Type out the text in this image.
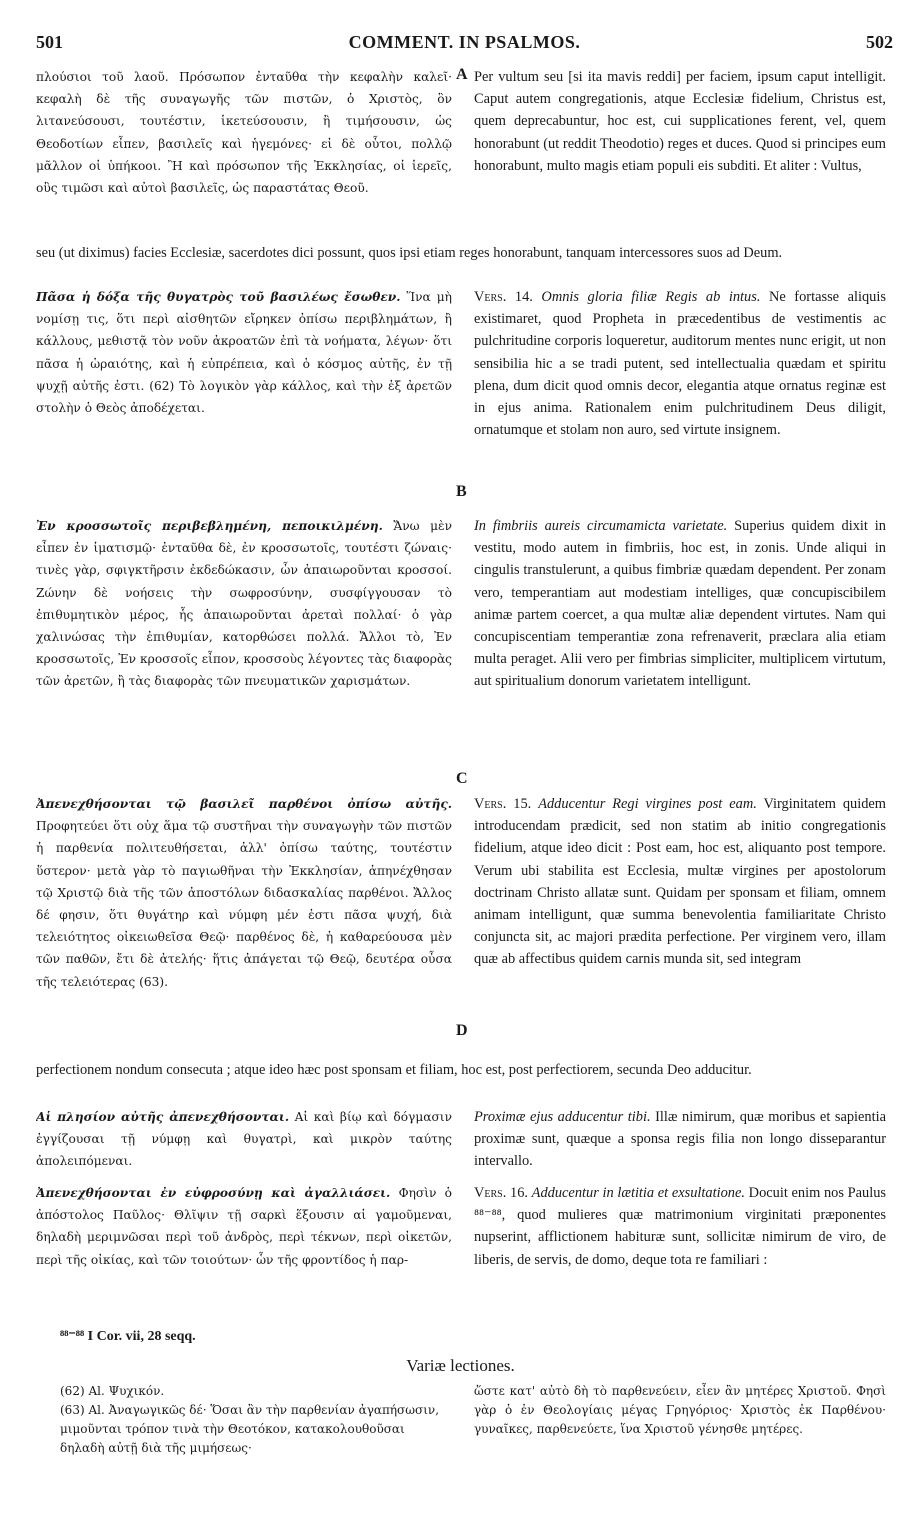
501	COMMENT. IN PSALMOS.	502
A
B
C
D
πλούσιοι τοῦ λαοῦ. Πρόσωπον ἐνταῦθα τὴν κεφαλὴν καλεῖ· κεφαλὴ δὲ τῆς συναγωγῆς τῶν πιστῶν, ὁ Χριστὸς, ὃν λιτανεύσουσι, τουτέστιν, ἱκετεύσουσιν, ἢ τιμήσουσιν, ὡς Θεοδοτίων εἶπεν, βασιλεῖς καὶ ἡγεμόνες· εἰ δὲ οὗτοι, πολλῷ μᾶλλον οἱ ὑπήκοοι. Ἢ καὶ πρόσωπον τῆς Ἐκκλησίας, οἱ ἱερεῖς, οὓς τιμῶσι καὶ αὐτοὶ βασιλεῖς, ὡς παραστάτας Θεοῦ.
Per vultum seu [si ita mavis reddi] per faciem, ipsum caput intelligit. Caput autem congregationis, atque Ecclesiæ fidelium, Christus est, quem deprecabuntur, hoc est, cui supplicationes ferent, vel, quem honorabunt (ut reddit Theodotio) reges et duces. Quod si principes eum honorabunt, multo magis etiam populi eis subditi. Et aliter : Vultus,
seu (ut diximus) facies Ecclesiæ, sacerdotes dici possunt, quos ipsi etiam reges honorabunt, tanquam intercessores suos ad Deum.
Πᾶσα ἡ δόξα τῆς θυγατρὸς τοῦ βασιλέως ἔσωθεν. Ἵνα μὴ νομίσῃ τις, ὅτι περὶ αἰσθητῶν εἴρηκεν ὀπίσω περιβλημάτων, ἢ κάλλους, μεθιστᾷ τὸν νοῦν ἀκροατῶν ἐπὶ τὰ νοήματα, λέγων· ὅτι πᾶσα ἡ ὡραιότης, καὶ ἡ εὐπρέπεια, καὶ ὁ κόσμος αὐτῆς, ἐν τῇ ψυχῇ αὐτῆς ἐστι. (62) Τὸ λογικὸν γὰρ κάλλος, καὶ τὴν ἐξ ἀρετῶν στολὴν ὁ Θεὸς ἀποδέχεται.
Vers. 14. Omnis gloria filiæ Regis ab intus. Ne fortasse aliquis existimaret, quod Propheta in præcedentibus de vestimentis ac pulchritudine corporis loqueretur, auditorum mentes nunc erigit, ut non sensibilia hic a se tradi putent, sed intellectualia quædam et spiritu plena, dum dicit quod omnis decor, elegantia atque ornatus reginæ est in ejus anima. Rationalem enim pulchritudinem Deus diligit, ornatumque et stolam non auro, sed virtute insignem.
Ἐν κροσσωτοῖς περιβεβλημένη, πεποικιλμένη. Ἄνω μὲν εἶπεν ἐν ἱματισμῷ· ἐνταῦθα δὲ, ἐν κροσσωτοῖς, τουτέστι ζώναις· τινὲς γὰρ, σφιγκτῆρσιν ἐκδεδώκασιν, ὧν ἀπαιωροῦνται κροσσοί. Ζώνην δὲ νοήσεις τὴν σωφροσύνην, συσφίγγουσαν τὸ ἐπιθυμητικὸν μέρος, ἧς ἀπαιωροῦνται ἀρεταὶ πολλαί· ὁ γὰρ χαλινώσας τὴν ἐπιθυμίαν, κατορθώσει πολλά. Ἄλλοι τὸ, Ἐν κροσσωτοῖς, Ἐν κροσσοῖς εἶπον, κροσσοὺς λέγοντες τὰς διαφορὰς τῶν ἀρετῶν, ἢ τὰς διαφορὰς τῶν πνευματικῶν χαρισμάτων.
In fimbriis aureis circumamicta varietate. Superius quidem dixit in vestitu, modo autem in fimbriis, hoc est, in zonis. Unde aliqui in cingulis transtulerunt, a quibus fimbriæ quædam dependent. Per zonam vero, temperantiam aut modestiam intelliges, quæ concupiscibilem animæ partem coercet, a qua multæ aliæ dependent virtutes. Nam qui concupiscentiam temperantiæ zona refrenaverit, præclara alia etiam multa peraget. Alii vero per fimbrias simpliciter, multiplicem virtutum, aut spiritualium donorum varietatem intelligunt.
Ἀπενεχθήσονται τῷ βασιλεῖ παρθένοι ὀπίσω αὐτῆς. Προφητεύει ὅτι οὐχ ἅμα τῷ συστῆναι τὴν συναγωγὴν τῶν πιστῶν ἡ παρθενία πολιτευθήσεται, ἀλλ' ὀπίσω ταύτης, τουτέστιν ὕστερον· μετὰ γὰρ τὸ παγιωθῆναι τὴν Ἐκκλησίαν, ἀπηνέχθησαν τῷ Χριστῷ διὰ τῆς τῶν ἀποστόλων διδασκαλίας παρθένοι. Ἄλλος δέ φησιν, ὅτι θυγάτηρ καὶ νύμφη μέν ἐστι πᾶσα ψυχή, διὰ τελειότητος οἰκειωθεῖσα Θεῷ· παρθένος δὲ, ἡ καθαρεύουσα μὲν τῶν παθῶν, ἔτι δὲ ἀτελής· ἥτις ἀπάγεται τῷ Θεῷ, δευτέρα οὖσα τῆς τελειότερας (63).
Vers. 15. Adducentur Regi virgines post eam. Virginitatem quidem introducendam prædicit, sed non statim ab initio congregationis fidelium, atque ideo dicit : Post eam, hoc est, aliquanto post tempore. Verum ubi stabilita est Ecclesia, multæ virgines per apostolorum doctrinam Christo allatæ sunt. Quidam per sponsam et filiam, omnem animam intelligunt, quæ summa benevolentia familiaritate Christo conjuncta sit, ac majori prædita perfectione. Per virginem vero, illam quæ ab affectibus quidem carnis munda sit, sed integram
perfectionem nondum consecuta ; atque ideo hæc post sponsam et filiam, hoc est, post perfectiorem, secunda Deo adducitur.
Αἱ πλησίον αὐτῆς ἀπενεχθήσονται. Αἱ καὶ βίῳ καὶ δόγμασιν ἐγγίζουσαι τῇ νύμφῃ καὶ θυγατρὶ, καὶ μικρὸν ταύτης ἀπολειπόμεναι.
Proximæ ejus adducentur tibi. Illæ nimirum, quæ moribus et sapientia proximæ sunt, quæque a sponsa regis filia non longo disseparantur intervallo.
Ἀπενεχθήσονται ἐν εὐφροσύνῃ καὶ ἀγαλλιάσει. Φησὶν ὁ ἀπόστολος Παῦλος· Θλῖψιν τῇ σαρκὶ ἕξουσιν αἱ γαμοῦμεναι, δηλαδὴ μεριμνῶσαι περὶ τοῦ ἀνδρὸς, περὶ τέκνων, περὶ οἰκετῶν, περὶ τῆς οἰκίας, καὶ τῶν τοιούτων· ὧν τῆς φροντίδος ἡ παρ-
Vers. 16. Adducentur in lætitia et exsultatione. Docuit enim nos Paulus ⁸⁸⁻⁸⁸, quod mulieres quæ matrimonium virginitati præponentes nupserint, afflictionem habituræ sunt, sollicitæ nimirum de viro, de liberis, de servis, de domo, deque tota re familiari :
⁸⁸⁻⁸⁸ I Cor. vii, 28 seqq.
Variæ lectiones.
(62) Al. Ψυχικόν.
(63) Al. Ἀναγωγικῶς δέ· Ὅσαι ἂν τὴν παρθενίαν ἀγαπήσωσιν, μιμοῦνται τρόπον τινὰ τὴν Θεοτόκον, κατακολουθοῦσαι δηλαδὴ αὐτῇ διὰ τῆς μιμήσεως·
ὥστε κατ' αὐτὸ δὴ τὸ παρθενεύειν, εἶεν ἂν μητέρες Χριστοῦ. Φησὶ γὰρ ὁ ἐν Θεολογίαις μέγας Γρηγόριος· Χριστὸς ἐκ Παρθένου· γυναῖκες, παρθενεύετε, ἵνα Χριστοῦ γένησθε μητέρες.
